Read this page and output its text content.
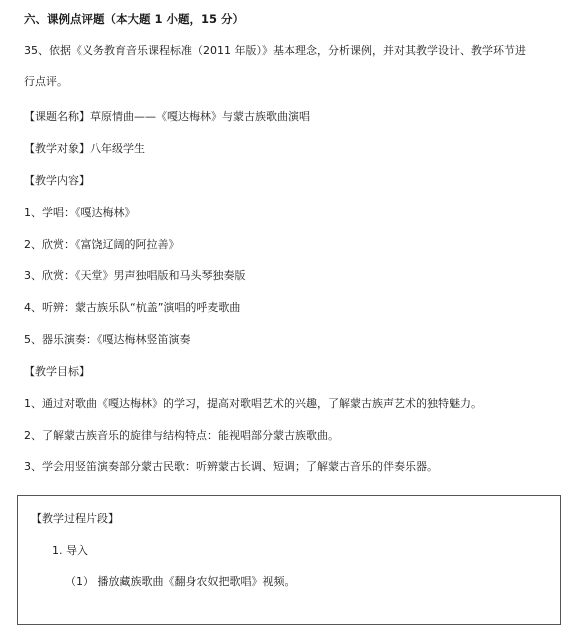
六、课例点评题（本大题 1 小题，15 分）
35、依据《义务教育音乐课程标准（2011 年版）》基本理念，分析课例，并对其教学设计、教学环节进
行点评。
【课题名称】草原情曲——《嘎达梅林》与蒙古族歌曲演唱
【教学对象】八年级学生
【教学内容】
1、学唱：《嘎达梅林》
2、欣赏：《富饶辽阔的阿拉善》
3、欣赏：《天堂》男声独唱版和马头琴独奏版
4、听辨：蒙古族乐队“杭盖”演唱的呼麦歌曲
5、器乐演奏：《嘎达梅林竖笛演奏
【教学目标】
1、通过对歌曲《嘎达梅林》的学习，提高对歌唱艺术的兴趣，了解蒙古族声艺术的独特魅力。
2、了解蒙古族音乐的旋律与结构特点：能视唱部分蒙古族歌曲。
3、学会用竖笛演奏部分蒙古民歌：听辨蒙古长调、短调；了解蒙古音乐的伴奏乐器。
【教学过程片段】
1. 导入
（1） 播放藏族歌曲《翻身农奴把歌唱》视频。
